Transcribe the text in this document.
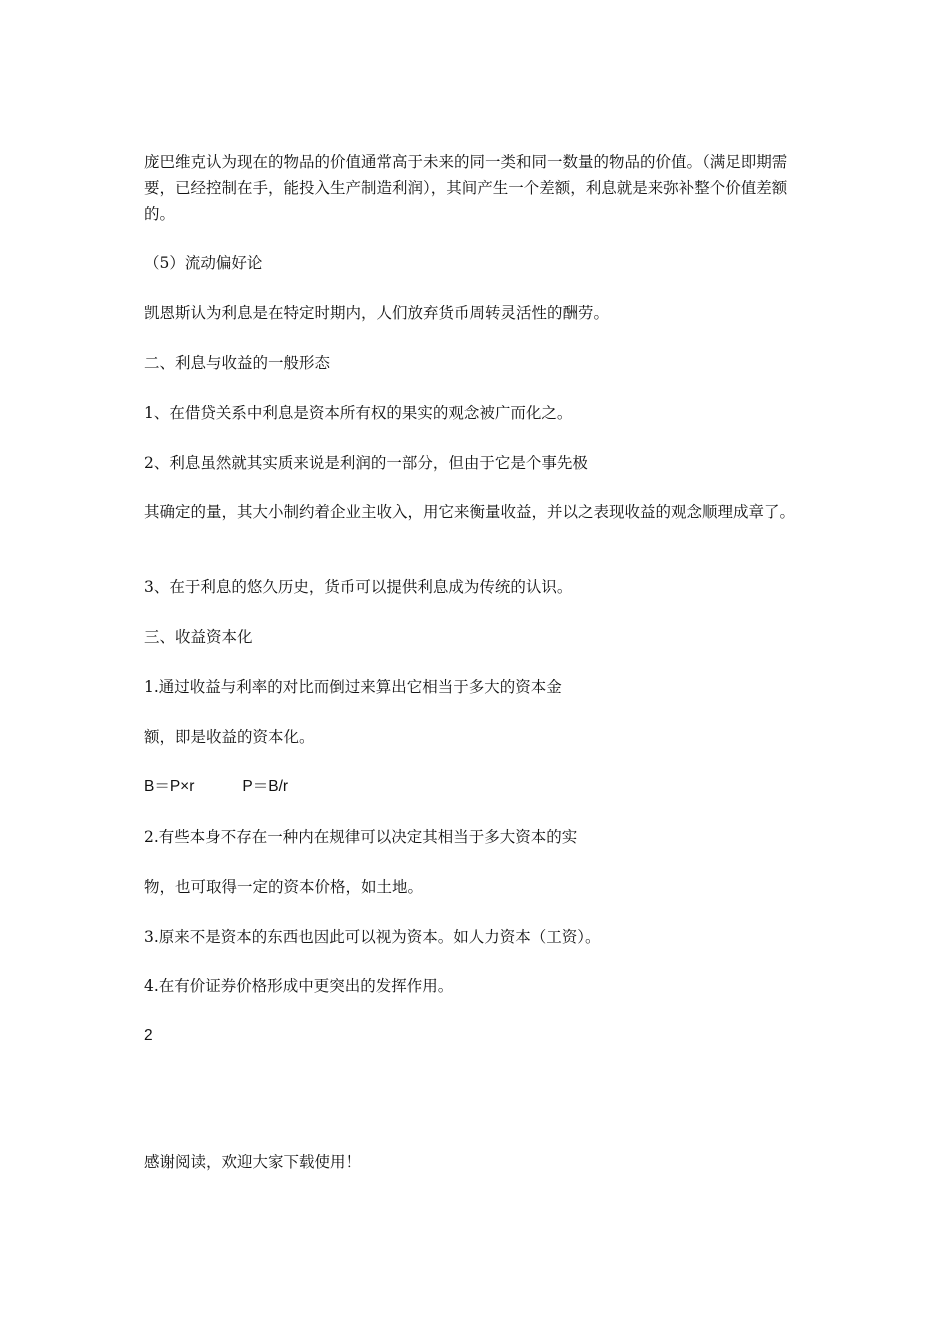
庞巴维克认为现在的物品的价值通常高于未来的同一类和同一数量的物品的价值。（满足即期需要，已经控制在手，能投入生产制造利润），其间产生一个差额，利息就是来弥补整个价值差额的。

（5）流动偏好论

凯恩斯认为利息是在特定时期内，人们放弃货币周转灵活性的酬劳。

二、利息与收益的一般形态

1、在借贷关系中利息是资本所有权的果实的观念被广而化之。

2、利息虽然就其实质来说是利润的一部分，但由于它是个事先极

其确定的量，其大小制约着企业主收入，用它来衡量收益，并以之表现收益的观念顺理成章了。

3、在于利息的悠久历史，货币可以提供利息成为传统的认识。

三、收益资本化

1.通过收益与利率的对比而倒过来算出它相当于多大的资本金

额，即是收益的资本化。

B＝P×r	P＝B/r

2.有些本身不存在一种内在规律可以决定其相当于多大资本的实

物，也可取得一定的资本价格，如土地。

3.原来不是资本的东西也因此可以视为资本。如人力资本（工资）。

4.在有价证券价格形成中更突出的发挥作用。

2

感谢阅读，欢迎大家下载使用！
